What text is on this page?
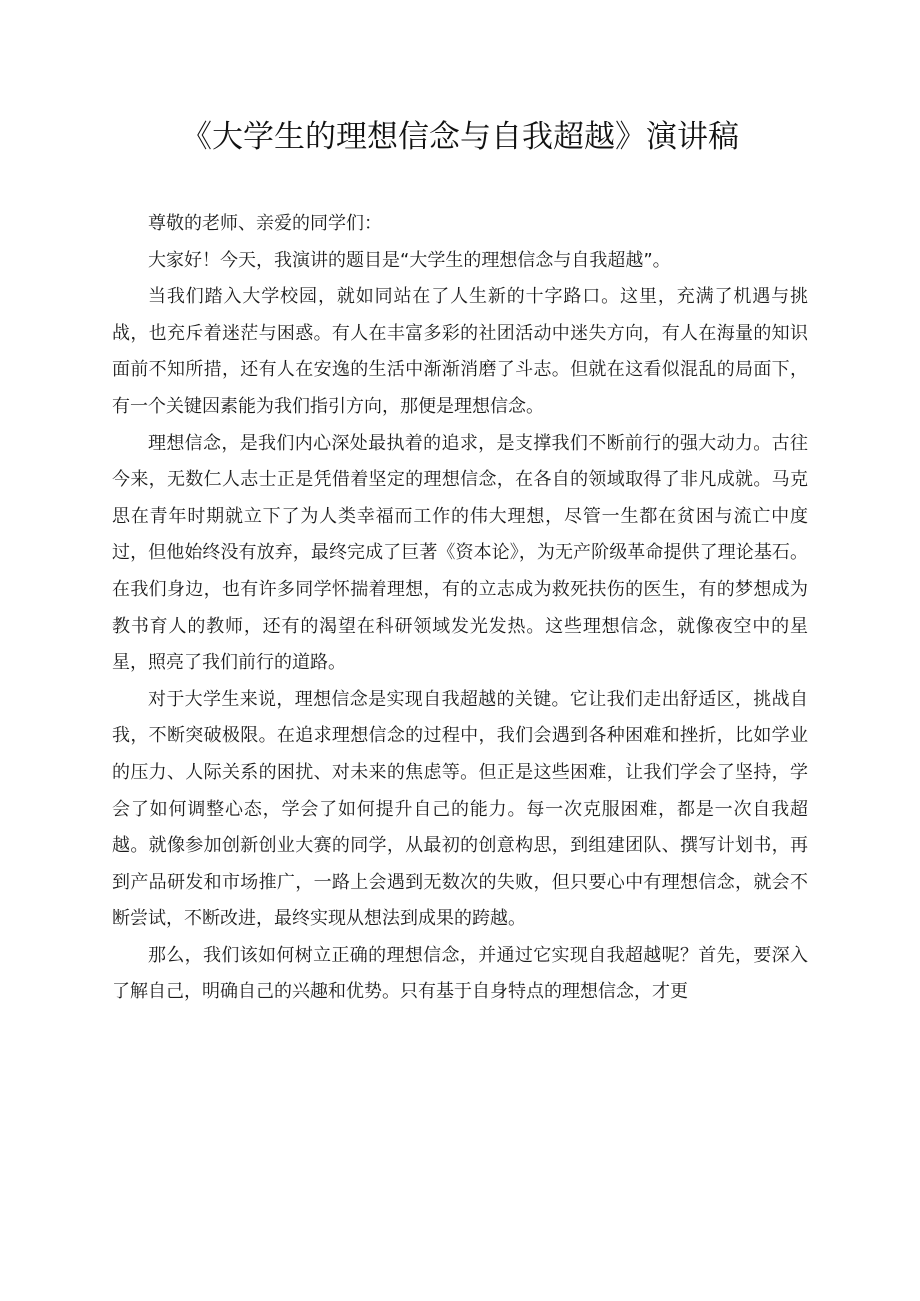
《大学生的理想信念与自我超越》演讲稿

尊敬的老师、亲爱的同学们：

大家好！今天，我演讲的题目是“大学生的理想信念与自我超越”。

当我们踏入大学校园，就如同站在了人生新的十字路口。这里，充满了机遇与挑战，也充斥着迷茫与困惑。有人在丰富多彩的社团活动中迷失方向，有人在海量的知识面前不知所措，还有人在安逸的生活中渐渐消磨了斗志。但就在这看似混乱的局面下，有一个关键因素能为我们指引方向，那便是理想信念。

理想信念，是我们内心深处最执着的追求，是支撑我们不断前行的强大动力。古往今来，无数仁人志士正是凭借着坚定的理想信念，在各自的领域取得了非凡成就。马克思在青年时期就立下了为人类幸福而工作的伟大理想，尽管一生都在贫困与流亡中度过，但他始终没有放弃，最终完成了巨著《资本论》，为无产阶级革命提供了理论基石。在我们身边，也有许多同学怀揣着理想，有的立志成为救死扶伤的医生，有的梦想成为教书育人的教师，还有的渴望在科研领域发光发热。这些理想信念，就像夜空中的星星，照亮了我们前行的道路。

对于大学生来说，理想信念是实现自我超越的关键。它让我们走出舒适区，挑战自我，不断突破极限。在追求理想信念的过程中，我们会遇到各种困难和挫折，比如学业的压力、人际关系的困扰、对未来的焦虑等。但正是这些困难，让我们学会了坚持，学会了如何调整心态，学会了如何提升自己的能力。每一次克服困难，都是一次自我超越。就像参加创新创业大赛的同学，从最初的创意构思，到组建团队、撰写计划书，再到产品研发和市场推广，一路上会遇到无数次的失败，但只要心中有理想信念，就会不断尝试，不断改进，最终实现从想法到成果的跨越。

那么，我们该如何树立正确的理想信念，并通过它实现自我超越呢？首先，要深入了解自己，明确自己的兴趣和优势。只有基于自身特点的理想信念，才更
